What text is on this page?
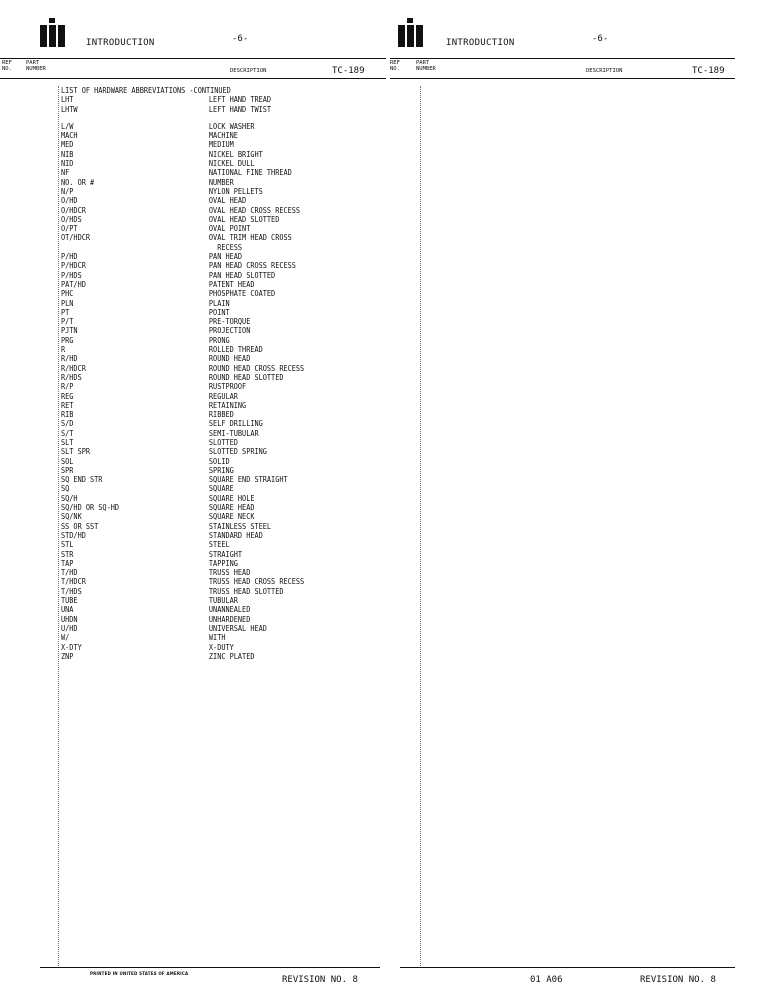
INTRODUCTION	-6-
REF
NO.
PART
NUMBER	DESCRIPTION	TC-189
LIST OF HARDWARE ABBREVIATIONS -CONTINUED
LHT	LEFT HAND TREAD
LHTW	LEFT HAND TWIST
L/W	LOCK WASHER
MACH	MACHINE
MED	MEDIUM
NIB	NICKEL BRIGHT
NID	NICKEL DULL
NF	NATIONAL FINE THREAD
NO. OR #	NUMBER
N/P	NYLON PELLETS
O/HD	OVAL HEAD
O/HDCR	OVAL HEAD CROSS RECESS
O/HDS	OVAL HEAD SLOTTED
O/PT	OVAL POINT
OT/HDCR	OVAL TRIM HEAD CROSS
RECESS
P/HD	PAN HEAD
P/HDCR	PAN HEAD CROSS RECESS
P/HDS	PAN HEAD SLOTTED
PAT/HD	PATENT HEAD
PHC	PHOSPHATE COATED
PLN	PLAIN
PT	POINT
P/T	PRE-TORQUE
PJTN	PROJECTION
PRG	PRONG
R	ROLLED THREAD
R/HD	ROUND HEAD
R/HDCR	ROUND HEAD CROSS RECESS
R/HDS	ROUND HEAD SLOTTED
R/P	RUSTPROOF
REG	REGULAR
RET	RETAINING
RIB	RIBBED
S/D	SELF DRILLING
S/T	SEMI-TUBULAR
SLT	SLOTTED
SLT SPR	SLOTTED SPRING
SOL	SOLID
SPR	SPRING
SQ END STR	SQUARE END STRAIGHT
SQ	SQUARE
SQ/H	SQUARE HOLE
SQ/HD OR SQ-HD	SQUARE HEAD
SQ/NK	SQUARE NECK
SS OR SST	STAINLESS STEEL
STD/HD	STANDARD HEAD
STL	STEEL
STR	STRAIGHT
TAP	TAPPING
T/HD	TRUSS HEAD
T/HDCR	TRUSS HEAD CROSS RECESS
T/HDS	TRUSS HEAD SLOTTED
TUBE	TUBULAR
UNA	UNANNEALED
UHDN	UNHARDENED
U/HD	UNIVERSAL HEAD
W/	WITH
X-DTY	X-DUTY
ZNP	ZINC PLATED
PRINTED IN UNITED STATES OF AMERICA
REVISION NO. 8
INTRODUCTION	-6-
REF
NO.
PART
NUMBER	DESCRIPTION	TC-189
01 A06	REVISION NO. 8
